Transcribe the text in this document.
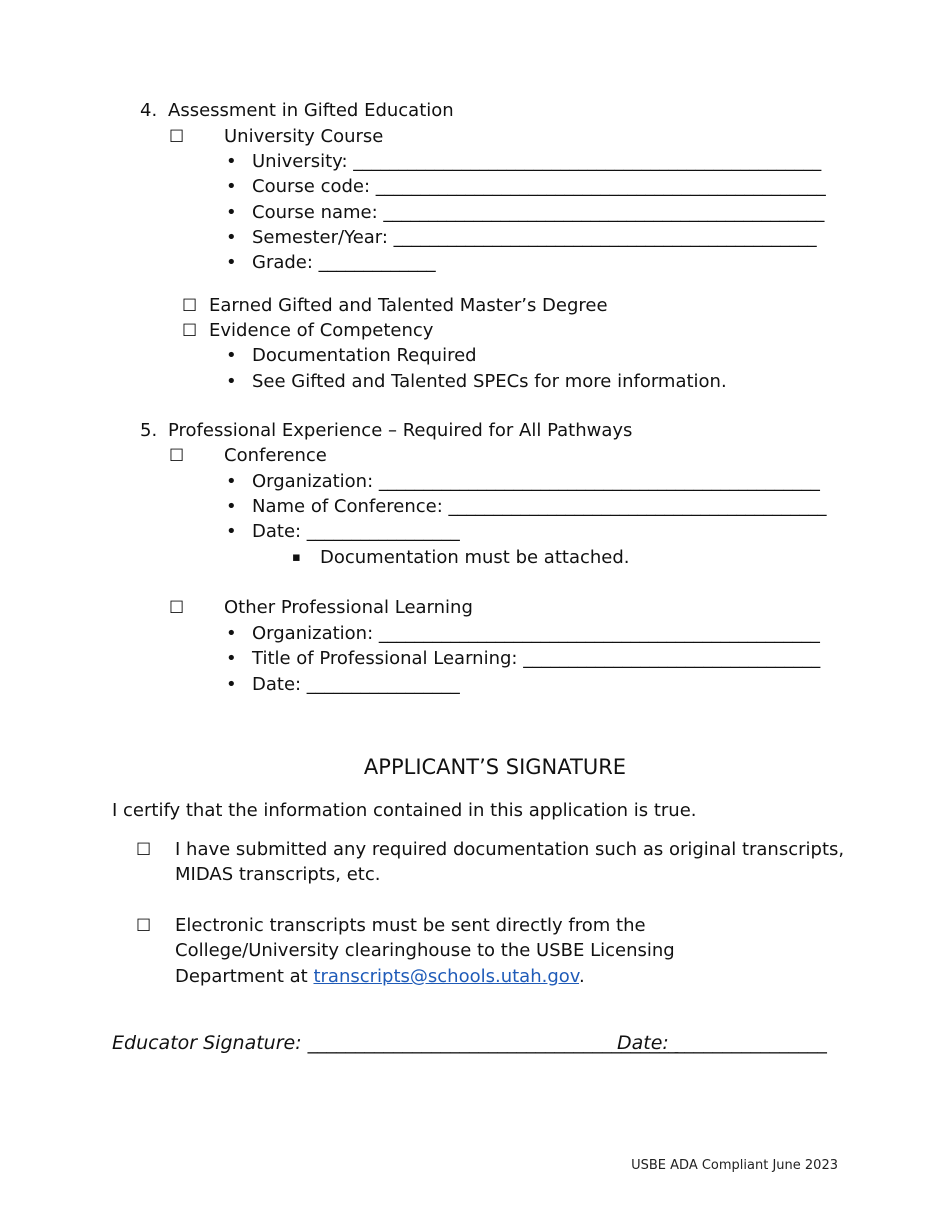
4. Assessment in Gifted Education
☐ University Course
• University: ____________________________________________________
• Course code: __________________________________________________
• Course name: _________________________________________________
• Semester/Year: _______________________________________________
• Grade: _____________
☐ Earned Gifted and Talented Master’s Degree
☐ Evidence of Competency
• Documentation Required
• See Gifted and Talented SPECs for more information.
5. Professional Experience – Required for All Pathways
☐ Conference
• Organization: _________________________________________________
• Name of Conference: __________________________________________
• Date: _________________
▪ Documentation must be attached.
☐ Other Professional Learning
• Organization: _________________________________________________
• Title of Professional Learning: _________________________________
• Date: _________________
APPLICANT’S SIGNATURE
I certify that the information contained in this application is true.
☐ I have submitted any required documentation such as original transcripts,
MIDAS transcripts, etc.
☐ Electronic transcripts must be sent directly from the
College/University clearinghouse to the USBE Licensing
Department at transcripts@schools.utah.gov.
Educator Signature: _______________________________________
Date: ________________
USBE ADA Compliant June 2023
